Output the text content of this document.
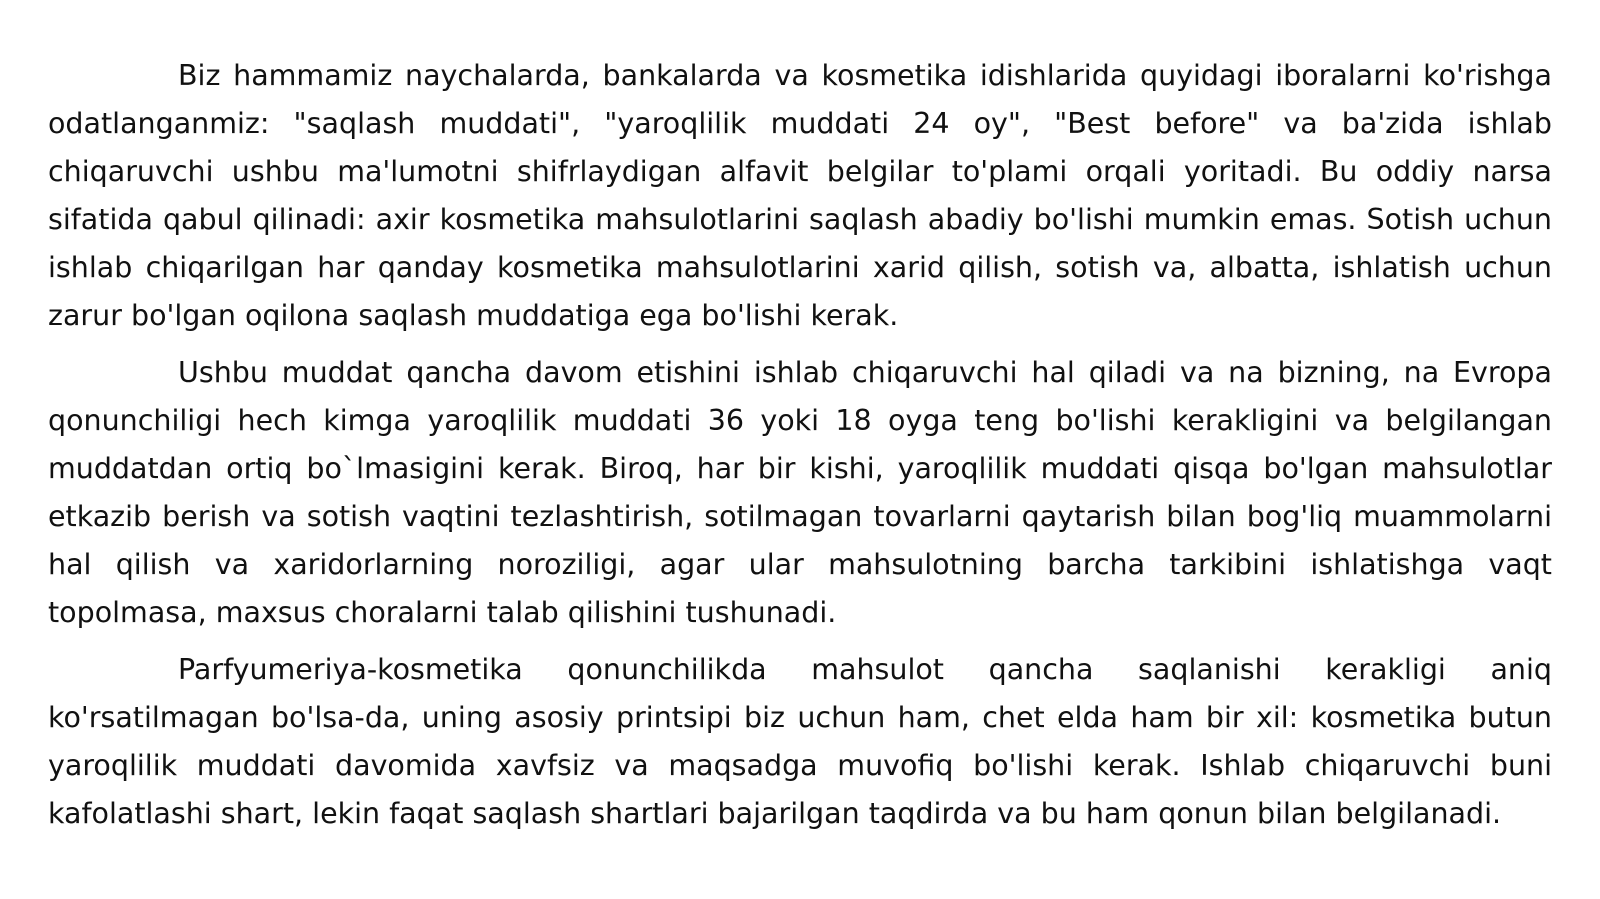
Biz hammamiz naychalarda, bankalarda va kosmetika idishlarida quyidagi iboralarni ko'rishga odatlanganmiz: "saqlash muddati", "yaroqlilik muddati 24 oy", "Best before" va ba'zida ishlab chiqaruvchi ushbu ma'lumotni shifrlaydigan alfavit belgilar to'plami orqali yoritadi. Bu oddiy narsa sifatida qabul qilinadi: axir kosmetika mahsulotlarini saqlash abadiy bo'lishi mumkin emas. Sotish uchun ishlab chiqarilgan har qanday kosmetika mahsulotlarini xarid qilish, sotish va, albatta, ishlatish uchun zarur bo'lgan oqilona saqlash muddatiga ega bo'lishi kerak.

Ushbu muddat qancha davom etishini ishlab chiqaruvchi hal qiladi va na bizning, na Evropa qonunchiligi hech kimga yaroqlilik muddati 36 yoki 18 oyga teng bo'lishi kerakligini va belgilangan muddatdan ortiq bo`lmasigini kerak. Biroq, har bir kishi, yaroqlilik muddati qisqa bo'lgan mahsulotlar etkazib berish va sotish vaqtini tezlashtirish, sotilmagan tovarlarni qaytarish bilan bog'liq muammolarni hal qilish va xaridorlarning noroziligi, agar ular mahsulotning barcha tarkibini ishlatishga vaqt topolmasa, maxsus choralarni talab qilishini tushunadi.

Parfyumeriya-kosmetika qonunchilikda mahsulot qancha saqlanishi kerakligi aniq ko'rsatilmagan bo'lsa-da, uning asosiy printsipi biz uchun ham, chet elda ham bir xil: kosmetika butun yaroqlilik muddati davomida xavfsiz va maqsadga muvofiq bo'lishi kerak. Ishlab chiqaruvchi buni kafolatlashi shart, lekin faqat saqlash shartlari bajarilgan taqdirda va bu ham qonun bilan belgilanadi.
